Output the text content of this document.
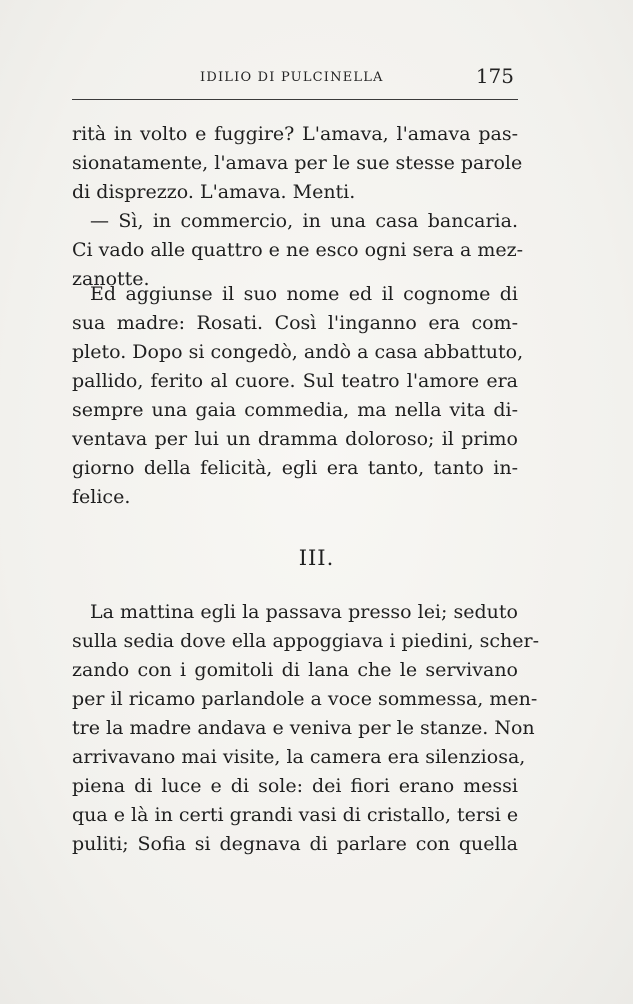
IDILIO DI PULCINELLA	175
rità in volto e fuggire? L'amava, l'amava pas-
sionatamente, l'amava per le sue stesse parole
di disprezzo. L'amava. Menti.
— Sì, in commercio, in una casa bancaria.
Ci vado alle quattro e ne esco ogni sera a mez-
zanotte.
Ed aggiunse il suo nome ed il cognome di
sua madre: Rosati. Così l'inganno era com-
pleto. Dopo si congedò, andò a casa abbattuto,
pallido, ferito al cuore. Sul teatro l'amore era
sempre una gaia commedia, ma nella vita di-
ventava per lui un dramma doloroso; il primo
giorno della felicità, egli era tanto, tanto in-
felice.
III.
La mattina egli la passava presso lei; seduto
sulla sedia dove ella appoggiava i piedini, scher-
zando con i gomitoli di lana che le servivano
per il ricamo parlandole a voce sommessa, men-
tre la madre andava e veniva per le stanze. Non
arrivavano mai visite, la camera era silenziosa,
piena di luce e di sole: dei fiori erano messi
qua e là in certi grandi vasi di cristallo, tersi e
puliti; Sofia si degnava di parlare con quella
